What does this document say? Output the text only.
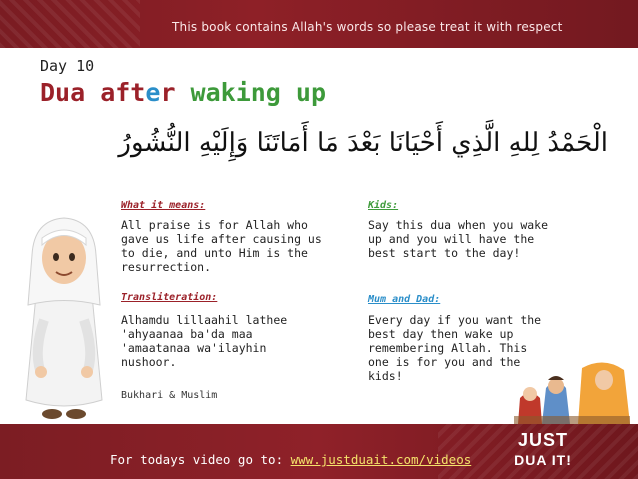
This book contains Allah's words so please treat it with respect
Day 10
Dua after waking up
الْحَمْدُ لِلهِ الَّذِي أَحْيَانَا بَعْدَ مَا أَمَاتَنَا وَإِلَيْهِ النُّشُورُ
What it means:
All praise is for Allah who gave us life after causing us to die, and unto Him is the resurrection.
Transliteration:
Alhamdu lillaahil lathee 'ahyaanaa ba'da maa 'amaatanaa wa'ilayhin nushoor.
Bukhari & Muslim
Kids:
Say this dua when you wake up and you will have the best start to the day!
Mum and Dad:
Every day if you want the best day then wake up remembering Allah. This one is for you and the kids!
For todays video go to: www.justduait.com/videos
JUST
DUA IT!
